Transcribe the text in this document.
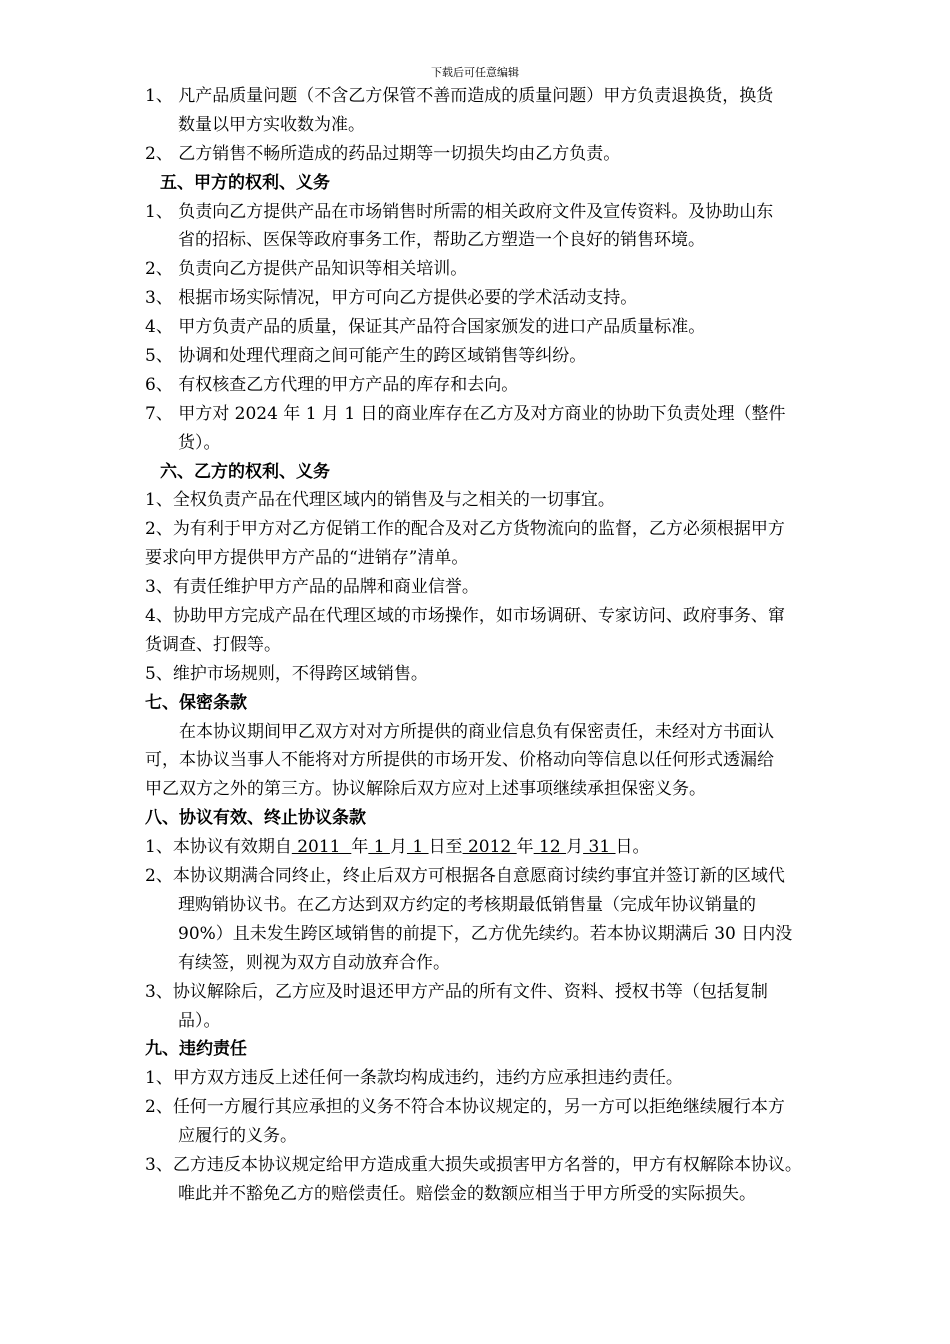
下载后可任意编辑
1、 凡产品质量问题（不含乙方保管不善而造成的质量问题）甲方负责退换货，换货
数量以甲方实收数为准。
2、 乙方销售不畅所造成的药品过期等一切损失均由乙方负责。
五、甲方的权利、义务
1、 负责向乙方提供产品在市场销售时所需的相关政府文件及宣传资料。及协助山东
省的招标、医保等政府事务工作，帮助乙方塑造一个良好的销售环境。
2、 负责向乙方提供产品知识等相关培训。
3、 根据市场实际情况，甲方可向乙方提供必要的学术活动支持。
4、 甲方负责产品的质量，保证其产品符合国家颁发的进口产品质量标准。
5、 协调和处理代理商之间可能产生的跨区域销售等纠纷。
6、 有权核查乙方代理的甲方产品的库存和去向。
7、 甲方对 2024 年 1 月 1 日的商业库存在乙方及对方商业的协助下负责处理（整件
货）。
六、乙方的权利、义务
1、全权负责产品在代理区域内的销售及与之相关的一切事宜。
2、为有利于甲方对乙方促销工作的配合及对乙方货物流向的监督，乙方必须根据甲方
要求向甲方提供甲方产品的“进销存”清单。
3、有责任维护甲方产品的品牌和商业信誉。
4、协助甲方完成产品在代理区域的市场操作，如市场调研、专家访问、政府事务、窜
货调查、打假等。
5、维护市场规则，不得跨区域销售。
七、保密条款
在本协议期间甲乙双方对对方所提供的商业信息负有保密责任，未经对方书面认
可，本协议当事人不能将对方所提供的市场开发、价格动向等信息以任何形式透漏给
甲乙双方之外的第三方。协议解除后双方应对上述事项继续承担保密义务。
八、协议有效、终止协议条款
1、本协议有效期自 2011  年 1 月 1 日至 2012 年 12 月 31 日。
2、本协议期满合同终止，终止后双方可根据各自意愿商讨续约事宜并签订新的区域代
理购销协议书。在乙方达到双方约定的考核期最低销售量（完成年协议销量的
90%）且未发生跨区域销售的前提下，乙方优先续约。若本协议期满后 30 日内没
有续签，则视为双方自动放弃合作。
3、协议解除后，乙方应及时退还甲方产品的所有文件、资料、授权书等（包括复制
品）。
九、违约责任
1、甲方双方违反上述任何一条款均构成违约，违约方应承担违约责任。
2、任何一方履行其应承担的义务不符合本协议规定的，另一方可以拒绝继续履行本方
应履行的义务。
3、乙方违反本协议规定给甲方造成重大损失或损害甲方名誉的，甲方有权解除本协议。
唯此并不豁免乙方的赔偿责任。赔偿金的数额应相当于甲方所受的实际损失。
